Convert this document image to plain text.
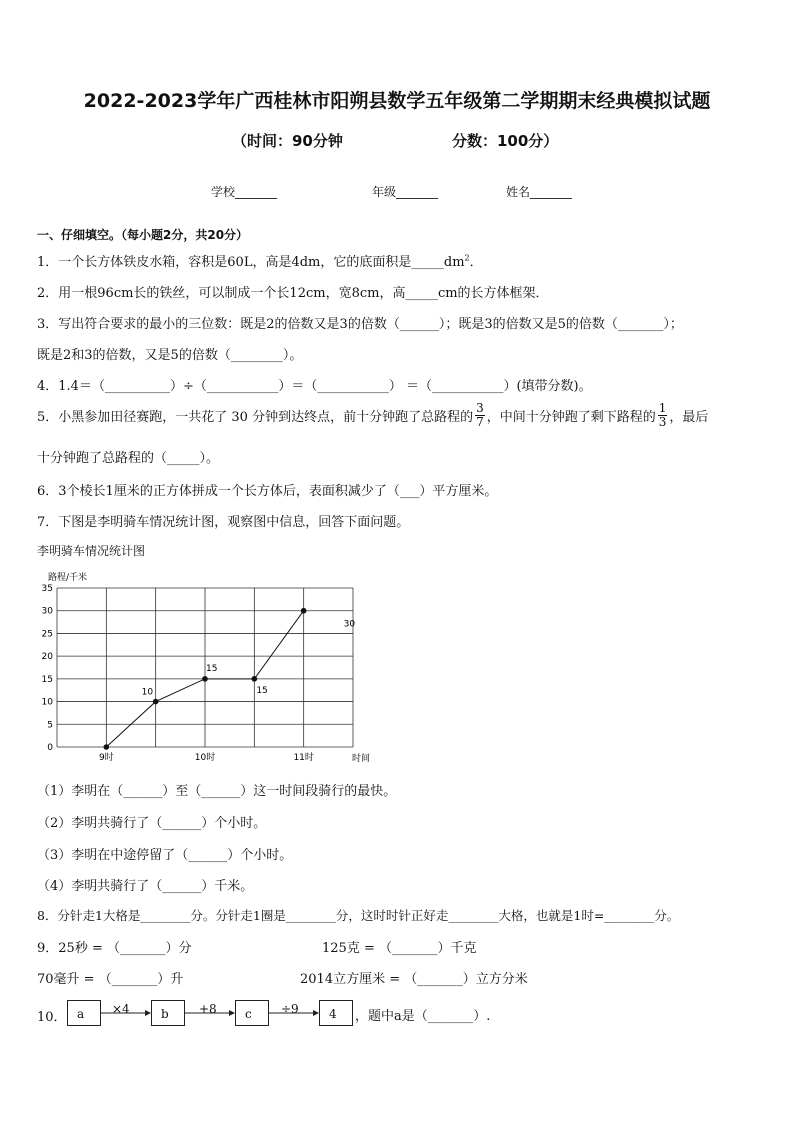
2022-2023学年广西桂林市阳朔县数学五年级第二学期期末经典模拟试题
（时间：90分钟	分数：100分）
学校_______	年级_______	姓名_______
一、仔细填空。（每小题2分，共20分）
1．一个长方体铁皮水箱，容积是60L，高是4dm，它的底面积是$\_\_\_\_\_dm^2$．
2．用一根96cm长的铁丝，可以制成一个长12cm，宽8cm，高_____cm的长方体框架．
3．写出符合要求的最小的三位数：既是2的倍数又是3的倍数（______）；既是3的倍数又是5的倍数（_______）；
既是2和3的倍数，又是5的倍数（________）。
4．1.4＝（__________）÷（___________）＝（___________） ＝（___________）(填带分数)。
5．小黑参加田径赛跑，一共花了 30 分钟到达终点，前十分钟跑了总路程的 $\frac{3}{7}$ ，中间十分钟跑了剩下路程的 $\frac{1}{3}$ ，最后
十分钟跑了总路程的（_____）。
6．3个棱长1厘米的正方体拼成一个长方体后，表面积减少了（___）平方厘米。
7．下图是李明骑车情况统计图，观察图中信息，回答下面问题。
李明骑车情况统计图
0
5
10
15
20
25
30
35
9时	10时	11时
10
15
15
30
路程/千米
时间
（1）李明在（______）至（______）这一时间段骑行的最快。
（2）李明共骑行了（______）个小时。
（3）李明在中途停留了（______）个小时。
（4）李明共骑行了（______）千米。
8．分针走1大格是________分。分针走1圈是________分，这时时针正好走________大格，也就是1时=________分。
9．25秒 = （_______）分	125克 = （_______）千克
70毫升 = （_______）升	2014立方厘米 = （_______）立方分米
10． a	b	c	4
×4	+8	÷9	，题中a是（_______）.
